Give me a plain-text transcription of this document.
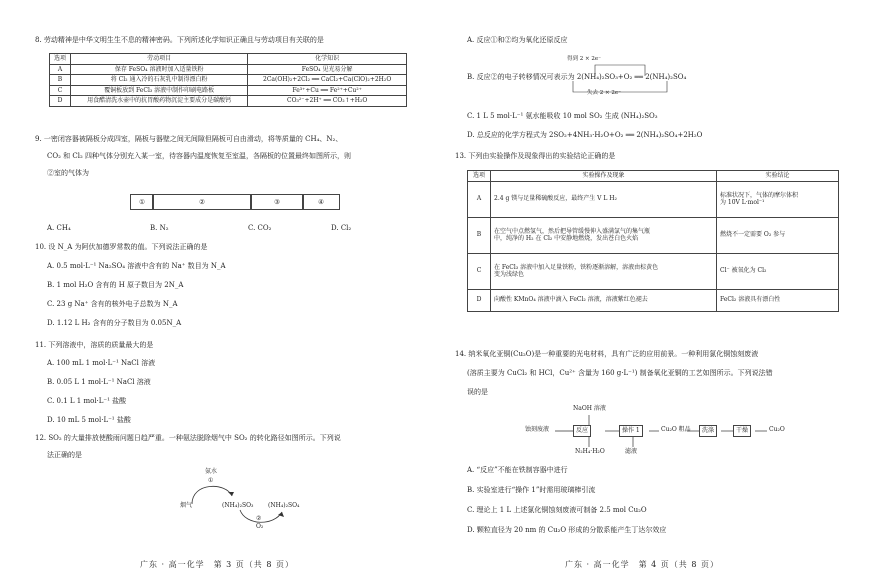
8. 劳动精神是中华文明生生不息的精神密码。下列所述化学知识正确且与劳动项目有关联的是
选项	劳动项目	化学知识
A	保存 FeSO₄ 溶液时加入适量铁粉	FeSO₄ 见光易分解
B	将 Cl₂ 通入冷的石灰乳中制得漂白粉	2Ca(OH)₂+2Cl₂ ══ CaCl₂+Ca(ClO)₂+2H₂O
C	覆铜板放到 FeCl₃ 溶液中制作印刷电路板	Fe³⁺+Cu ══ Fe²⁺+Cu²⁺
D	用食醋清洗水壶中的抗胃酸药物沉淀主要成分是碳酸钙	CO₃²⁻+2H⁺ ══ CO₂↑+H₂O
9. 一密闭容器被隔板分成四室，隔板与器壁之间无间隙但隔板可自由滑动，将等质量的 CH₄、N₂、
CO₂ 和 Cl₂ 四种气体分别充入某一室，待容器内温度恢复至室温，各隔板的位置最终如图所示，则
②室的气体为
①	②	③	④
A. CH₄	B. N₂	C. CO₂	D. Cl₂
10. 设 N_A 为阿伏加德罗常数的值。下列说法正确的是
A. 0.5 mol·L⁻¹ Na₂SO₄ 溶液中含有的 Na⁺ 数目为 N_A
B. 1 mol H₂O 含有的 H 原子数目为 2N_A
C. 23 g Na⁺ 含有的核外电子总数为 N_A
D. 1.12 L H₂ 含有的分子数目为 0.05N_A
11. 下列溶液中，溶质的质量最大的是
A. 100 mL 1 mol·L⁻¹ NaCl 溶液
B. 0.05 L 1 mol·L⁻¹ NaCl 溶液
C. 0.1 L 1 mol·L⁻¹ 盐酸
D. 10 mL 5 mol·L⁻¹ 盐酸
12. SO₂ 的大量排放使酸雨问题日趋严重。一种氨法脱除烟气中 SO₂ 的转化路径如图所示。下列说
法正确的是
氨水
①
烟气	(NH₄)₂SO₃ (NH₄)₂SO₄
②
O₂
广东 · 高一化学　第 3 页（共 8 页）
A. 反应①和②均为氧化还原反应
得到 2 × 2e⁻
B. 反应②的电子转移情况可表示为 2(NH₄)₂SO₃+O₂ ══ 2(NH₄)₂SO₄
失去 2 × 2e⁻
C. 1 L 5 mol·L⁻¹ 氨水能吸收 10 mol SO₂ 生成 (NH₄)₂SO₃
D. 总反应的化学方程式为 2SO₂+4NH₃·H₂O+O₂ ══ 2(NH₄)₂SO₄+2H₂O
13. 下列由实验操作及现象得出的实验结论正确的是
选项	实验操作及现象	实验结论
A	2.4 g 镁与足量稀硫酸反应，最终产生 V L H₂	标准状况下，气体的摩尔体积
为 10V L·mol⁻¹

B	在空气中点燃氢气，然后把导管缓慢伸入盛满氯气的集气瓶
中，纯净的 H₂ 在 Cl₂ 中安静地燃烧，发出苍白色火焰	燃烧不一定需要 O₂ 参与

C	在 FeCl₃ 溶液中加入足量铁粉，铁粉逐渐溶解，溶液由棕黄色
变为浅绿色	Cl⁻ 被氧化为 Cl₂

D	向酸性 KMnO₄ 溶液中滴入 FeCl₂ 溶液，溶液紫红色褪去	FeCl₂ 溶液具有漂白性
14. 纳米氧化亚铜(Cu₂O)是一种重要的光电材料，具有广泛的应用前景。一种利用氯化铜蚀刻废液
(溶质主要为 CuCl₂ 和 HCl，Cu²⁺ 含量为 160 g·L⁻¹) 制备氧化亚铜的工艺如图所示。下列说法错
误的是
NaOH 溶液
蚀刻废液	反应	操作 1	Cu₂O 粗品	洗涤	干燥	Cu₂O
N₂H₄·H₂O	滤液
A. “反应”不能在铁制容器中进行
B. 实验室进行“操作 1”时需用玻璃棒引流
C. 理论上 1 L 上述氯化铜蚀刻废液可制备 2.5 mol Cu₂O
D. 颗粒直径为 20 nm 的 Cu₂O 形成的分散系能产生丁达尔效应
广东 · 高一化学　第 4 页（共 8 页）
